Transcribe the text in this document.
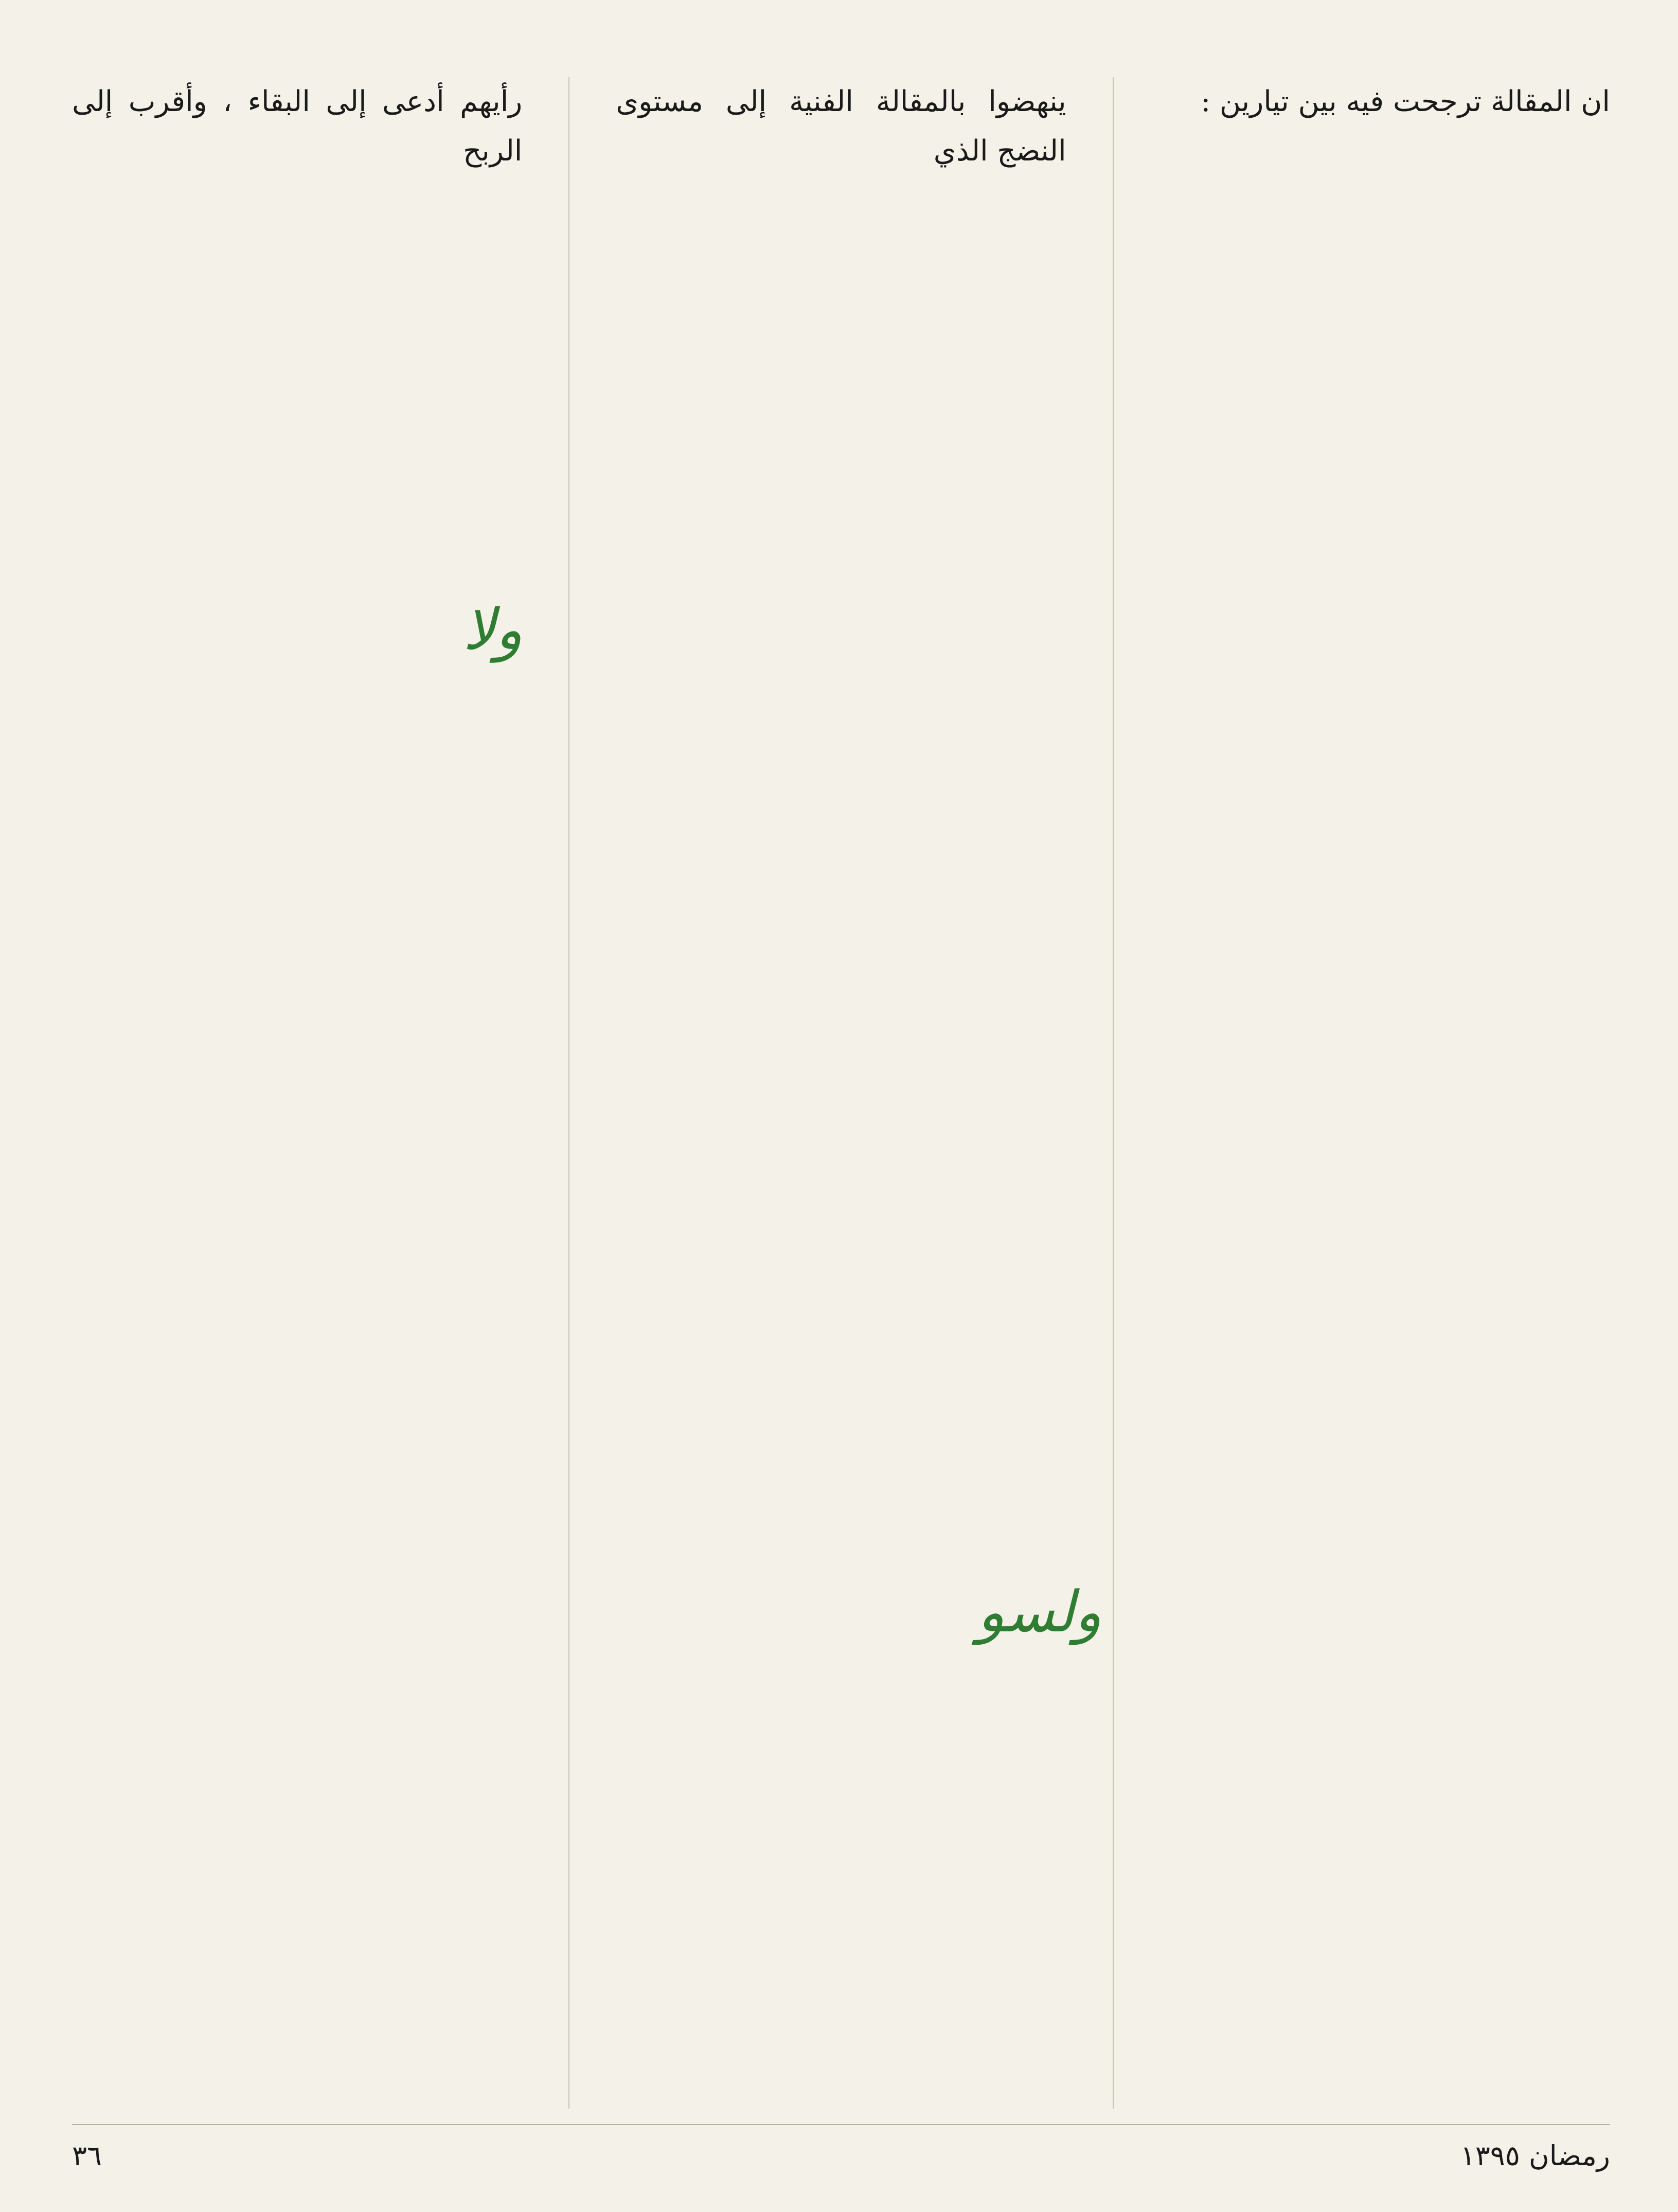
ان المقالة ترجحت فيه بين تيارين :
ينهضوا بالمقالة الفنية إلى مستوى النضج الذي
رأيهم أدعى إلى البقاء ، وأقرب إلى الربح
ولا
ولسو
٣٦	رمضان ١٣٩٥
